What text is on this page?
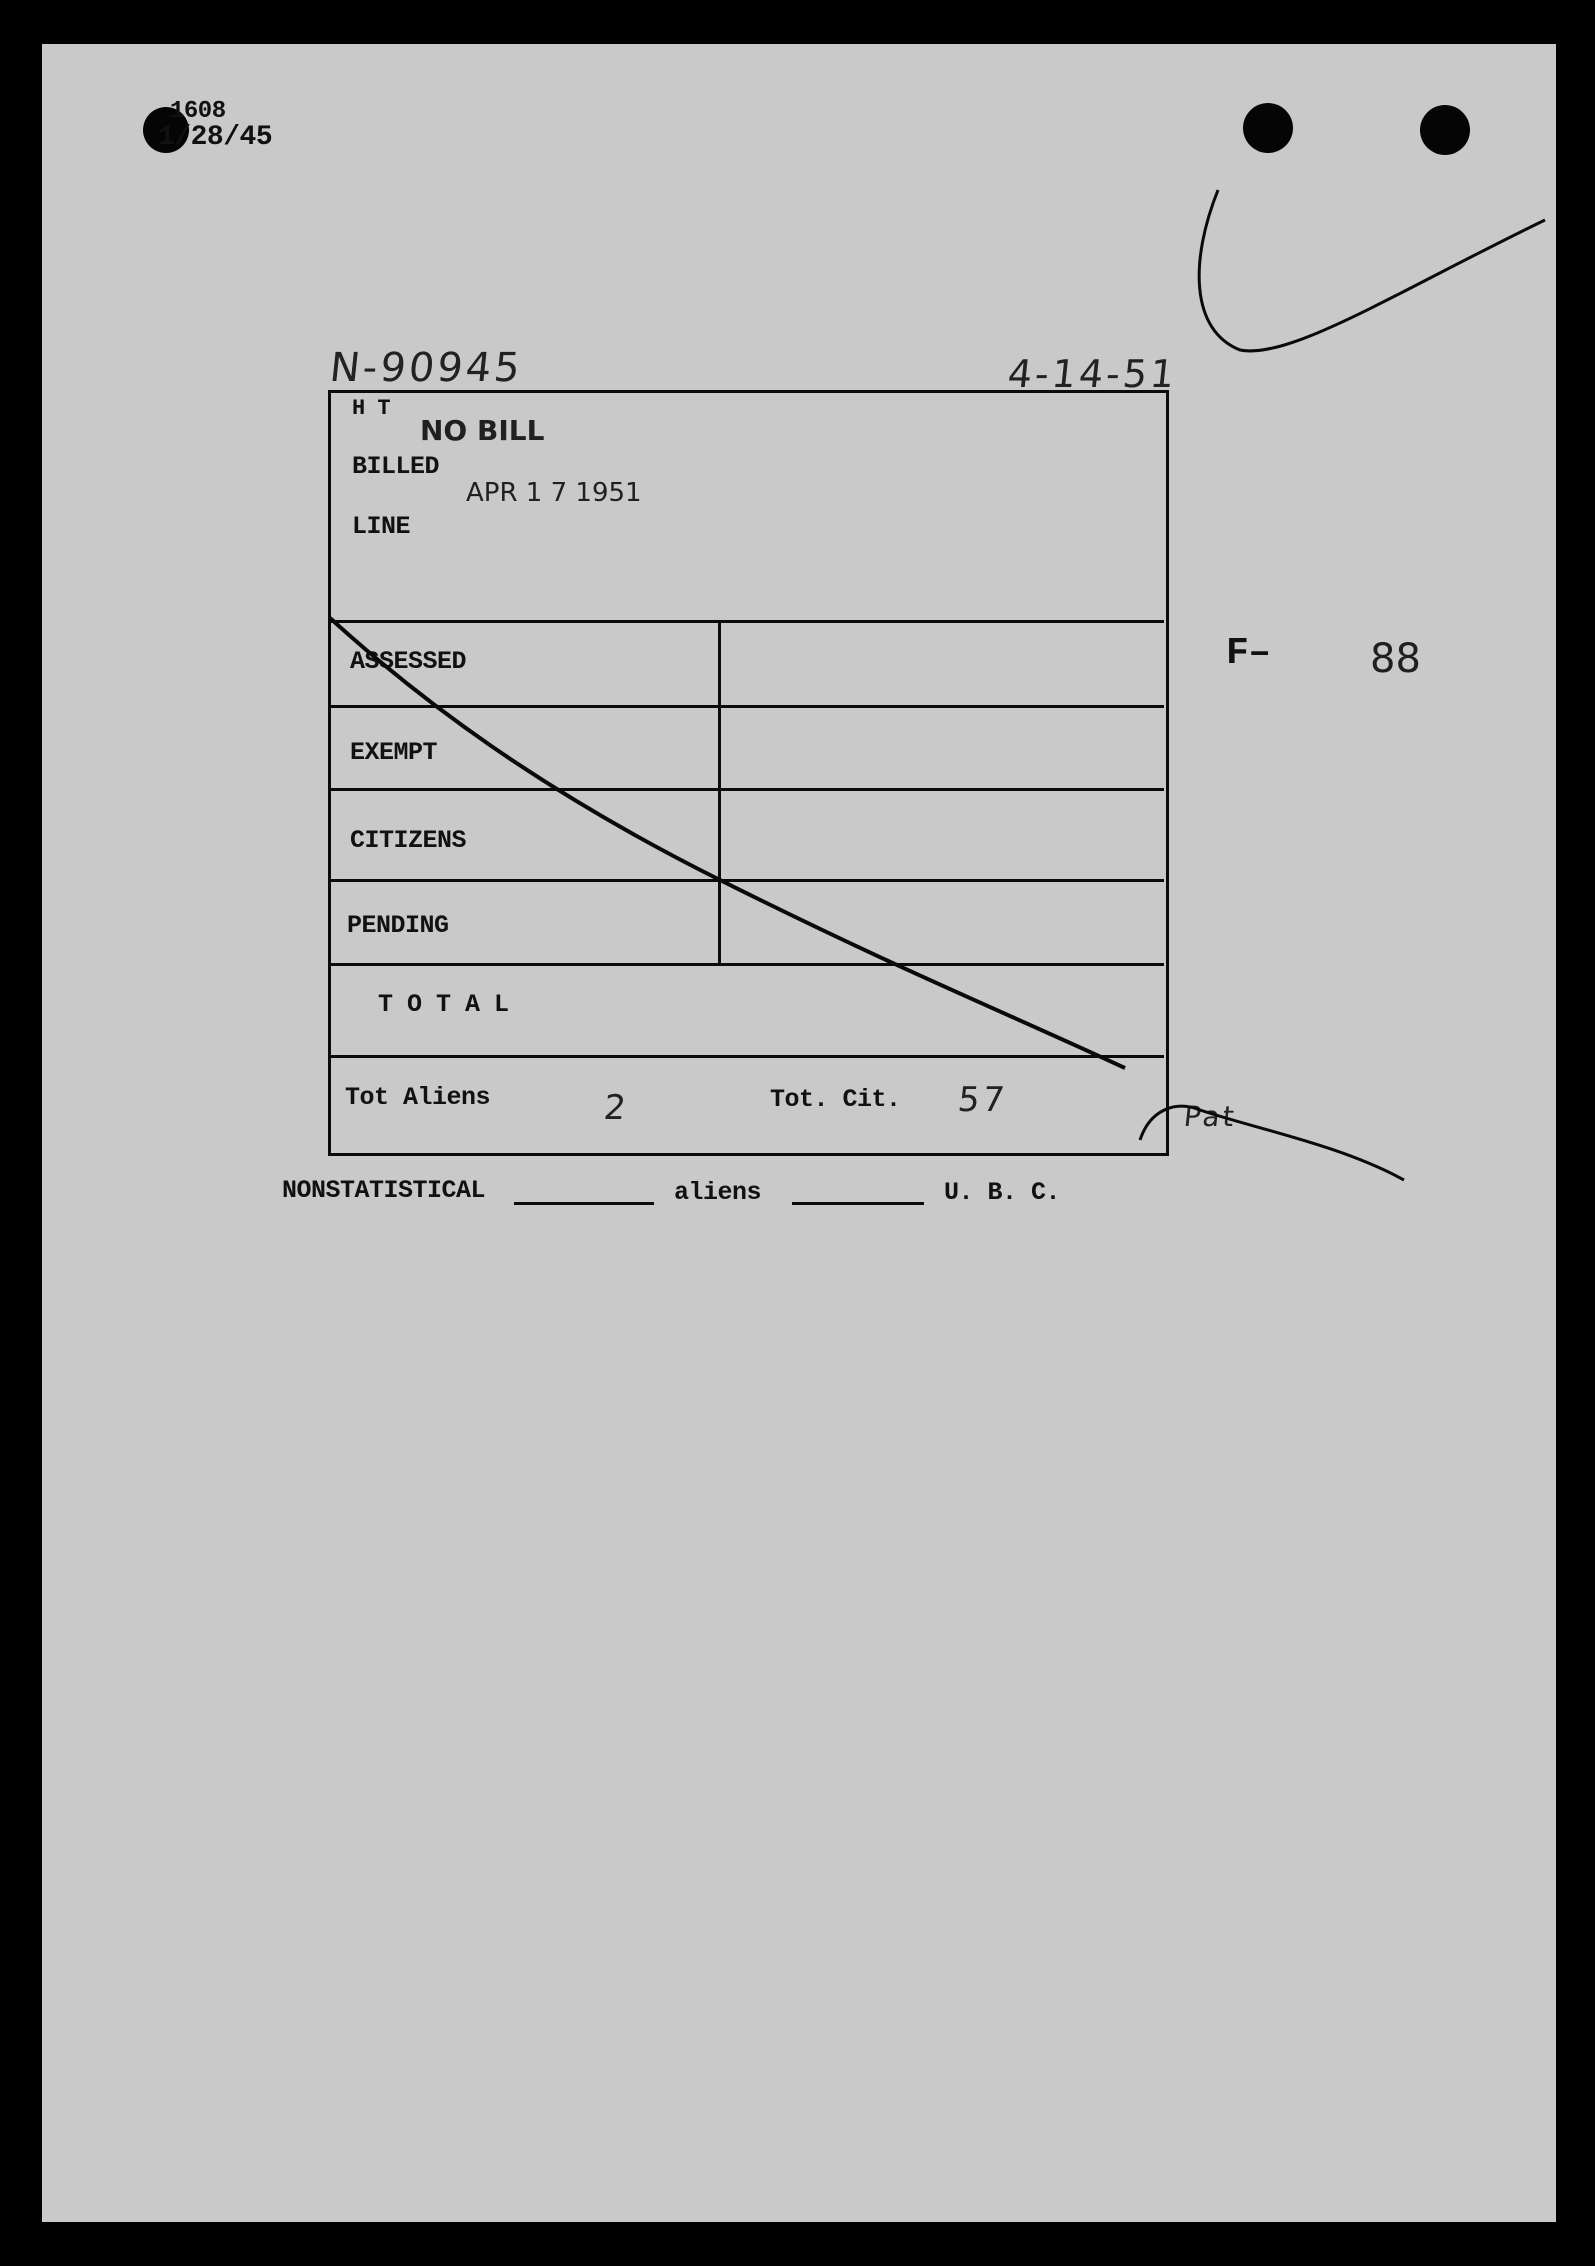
1608
1/28/45
N-90945	4-14-51
H T
NO BILL
BILLED
APR 1 7 1951
LINE
ASSESSED
EXEMPT
CITIZENS
PENDING
T O T A L
Tot Aliens	2	Tot. Cit. 57
F– 88
Pat
NONSTATISTICAL	aliens	U. B. C.
